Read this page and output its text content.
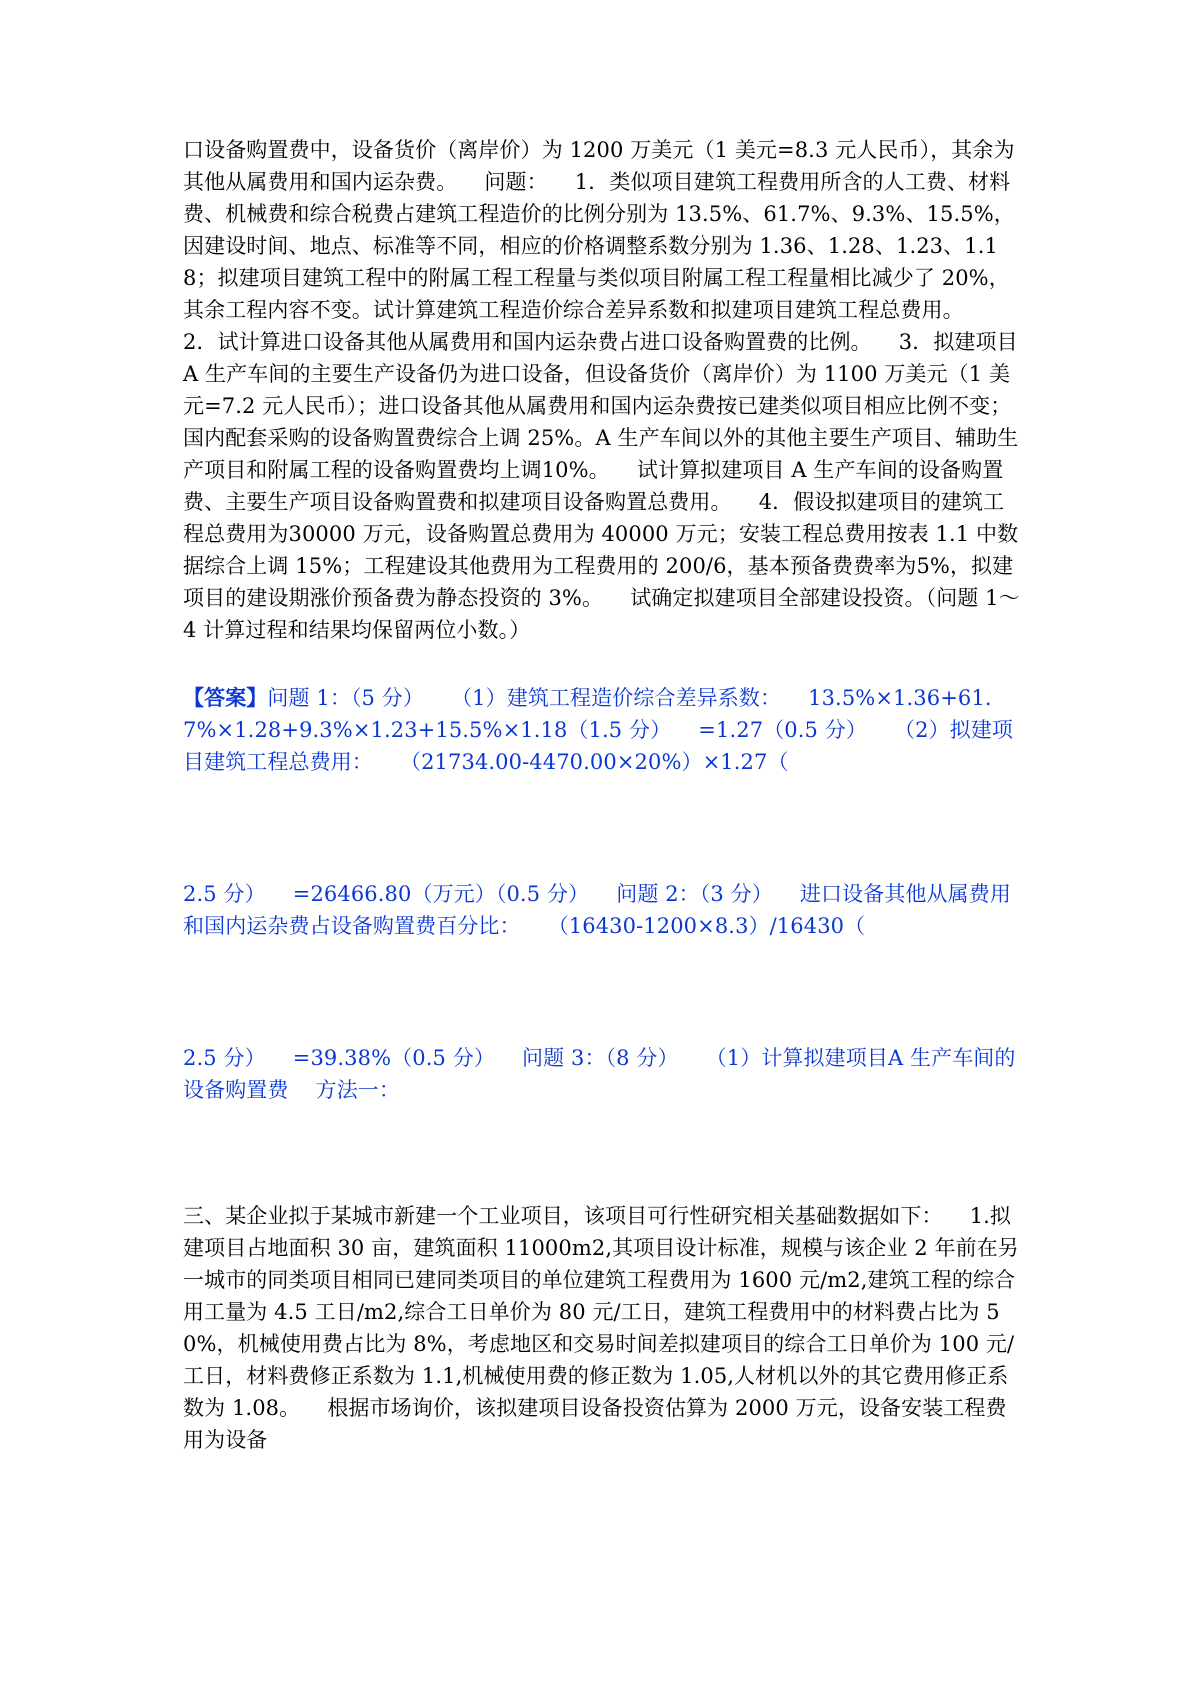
口设备购置费中，设备货价（离岸价）为 1200 万美元（1 美元=8.3 元人民币），其余为其他从属费用和国内运杂费。    问题：    1．类似项目建筑工程费用所含的人工费、材料费、机械费和综合税费占建筑工程造价的比例分别为 13.5%、61.7%、9.3%、15.5%，因建设时间、地点、标准等不同，相应的价格调整系数分别为 1.36、1.28、1.23、1.18；拟建项目建筑工程中的附属工程工程量与类似项目附属工程工程量相比减少了 20%，其余工程内容不变。试计算建筑工程造价综合差异系数和拟建项目建筑工程总费用。    2．试计算进口设备其他从属费用和国内运杂费占进口设备购置费的比例。    3．拟建项目 A 生产车间的主要生产设备仍为进口设备，但设备货价（离岸价）为 1100 万美元（1 美元=7.2 元人民币）；进口设备其他从属费用和国内运杂费按已建类似项目相应比例不变；国内配套采购的设备购置费综合上调 25%。A 生产车间以外的其他主要生产项目、辅助生产项目和附属工程的设备购置费均上调10%。    试计算拟建项目 A 生产车间的设备购置费、主要生产项目设备购置费和拟建项目设备购置总费用。    4．假设拟建项目的建筑工程总费用为30000 万元，设备购置总费用为 40000 万元；安装工程总费用按表 1.1 中数据综合上调 15%；工程建设其他费用为工程费用的 200/6，基本预备费费率为5%，拟建项目的建设期涨价预备费为静态投资的 3%。    试确定拟建项目全部建设投资。（问题 1～4 计算过程和结果均保留两位小数。）
【答案】问题 1：（5 分）    （1）建筑工程造价综合差异系数：    13.5%×1.36+61.7%×1.28+9.3%×1.23+15.5%×1.18（1.5 分）    =1.27（0.5 分）    （2）拟建项目建筑工程总费用：    （21734.00-4470.00×20%）×1.27（
2.5 分）    =26466.80（万元）（0.5 分）    问题 2：（3 分）    进口设备其他从属费用和国内运杂费占设备购置费百分比：    （16430-1200×8.3）/16430（
2.5 分）    =39.38%（0.5 分）    问题 3：（8 分）    （1）计算拟建项目A 生产车间的设备购置费    方法一：
三、某企业拟于某城市新建一个工业项目，该项目可行性研究相关基础数据如下：    1.拟建项目占地面积 30 亩，建筑面积 11000m2,其项目设计标准，规模与该企业 2 年前在另一城市的同类项目相同已建同类项目的单位建筑工程费用为 1600 元/m2,建筑工程的综合用工量为 4.5 工日/m2,综合工日单价为 80 元/工日，建筑工程费用中的材料费占比为 50%，机械使用费占比为 8%，考虑地区和交易时间差拟建项目的综合工日单价为 100 元/工日，材料费修正系数为 1.1,机械使用费的修正数为 1.05,人材机以外的其它费用修正系数为 1.08。    根据市场询价，该拟建项目设备投资估算为 2000 万元，设备安装工程费用为设备
